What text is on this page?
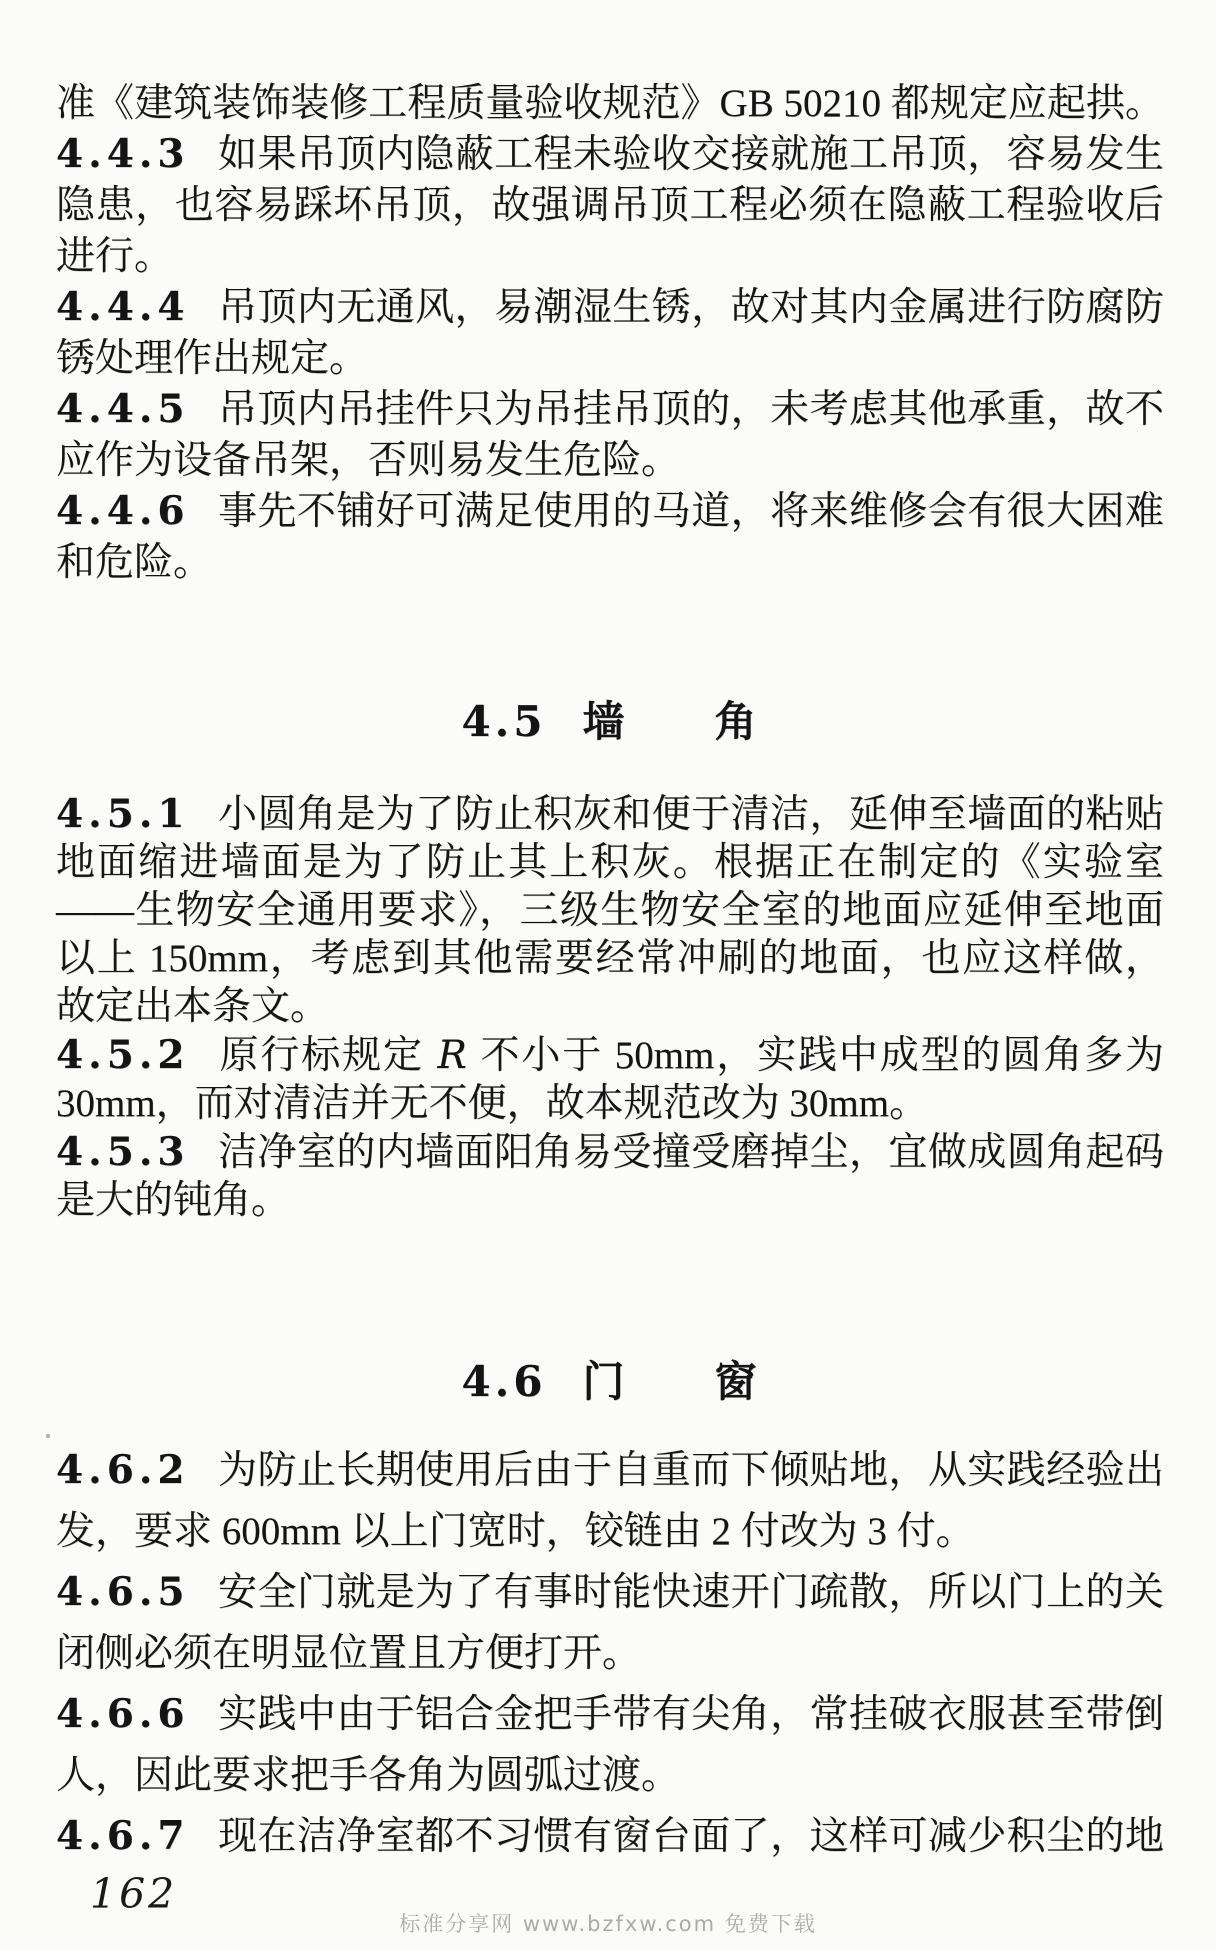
准《建筑装饰装修工程质量验收规范》GB 50210 都规定应起拱。
4.4.3 如果吊顶内隐蔽工程未验收交接就施工吊顶，容易发生
隐患，也容易踩坏吊顶，故强调吊顶工程必须在隐蔽工程验收后
进行。
4.4.4 吊顶内无通风，易潮湿生锈，故对其内金属进行防腐防
锈处理作出规定。
4.4.5 吊顶内吊挂件只为吊挂吊顶的，未考虑其他承重，故不
应作为设备吊架，否则易发生危险。
4.4.6 事先不铺好可满足使用的马道，将来维修会有很大困难
和危险。
4.5 墙　　角
4.5.1 小圆角是为了防止积灰和便于清洁，延伸至墙面的粘贴
地面缩进墙面是为了防止其上积灰。根据正在制定的《实验室
——生物安全通用要求》，三级生物安全室的地面应延伸至地面
以上 150mm，考虑到其他需要经常冲刷的地面，也应这样做，
故定出本条文。
4.5.2 原行标规定 R 不小于 50mm，实践中成型的圆角多为
30mm，而对清洁并无不便，故本规范改为 30mm。
4.5.3 洁净室的内墙面阳角易受撞受磨掉尘，宜做成圆角起码
是大的钝角。
4.6 门　　窗
4.6.2 为防止长期使用后由于自重而下倾贴地，从实践经验出
发，要求 600mm 以上门宽时，铰链由 2 付改为 3 付。
4.6.5 安全门就是为了有事时能快速开门疏散，所以门上的关
闭侧必须在明显位置且方便打开。
4.6.6 实践中由于铝合金把手带有尖角，常挂破衣服甚至带倒
人，因此要求把手各角为圆弧过渡。
4.6.7 现在洁净室都不习惯有窗台面了，这样可减少积尘的地
162
标准分享网 www.bzfxw.com 免费下载
